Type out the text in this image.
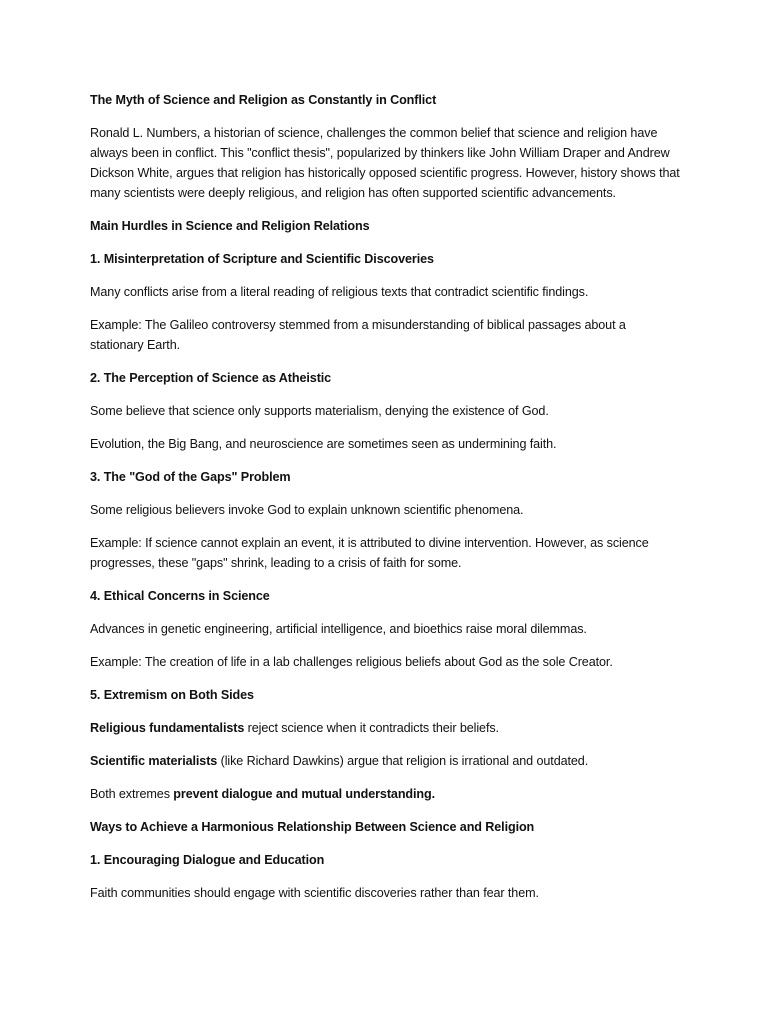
The Myth of Science and Religion as Constantly in Conflict

Ronald L. Numbers, a historian of science, challenges the common belief that science and religion have always been in conflict. This "conflict thesis", popularized by thinkers like John William Draper and Andrew Dickson White, argues that religion has historically opposed scientific progress. However, history shows that many scientists were deeply religious, and religion has often supported scientific advancements.

Main Hurdles in Science and Religion Relations

1. Misinterpretation of Scripture and Scientific Discoveries

Many conflicts arise from a literal reading of religious texts that contradict scientific findings.

Example: The Galileo controversy stemmed from a misunderstanding of biblical passages about a stationary Earth.

2. The Perception of Science as Atheistic

Some believe that science only supports materialism, denying the existence of God.

Evolution, the Big Bang, and neuroscience are sometimes seen as undermining faith.

3. The "God of the Gaps" Problem

Some religious believers invoke God to explain unknown scientific phenomena.

Example: If science cannot explain an event, it is attributed to divine intervention. However, as science progresses, these "gaps" shrink, leading to a crisis of faith for some.

4. Ethical Concerns in Science

Advances in genetic engineering, artificial intelligence, and bioethics raise moral dilemmas.

Example: The creation of life in a lab challenges religious beliefs about God as the sole Creator.

5. Extremism on Both Sides

Religious fundamentalists reject science when it contradicts their beliefs.

Scientific materialists (like Richard Dawkins) argue that religion is irrational and outdated.

Both extremes prevent dialogue and mutual understanding.

Ways to Achieve a Harmonious Relationship Between Science and Religion

1. Encouraging Dialogue and Education

Faith communities should engage with scientific discoveries rather than fear them.
